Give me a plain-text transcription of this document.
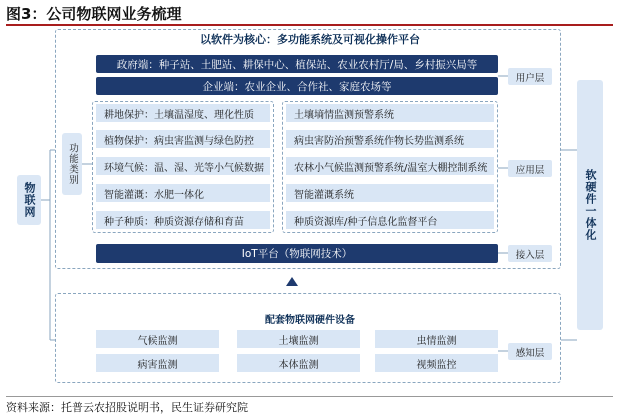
图3：公司物联网业务梳理
物联网	软硬件一体化
以软件为核心：多功能系统及可视化操作平台
政府端：种子站、土肥站、耕保中心、植保站、农业农村厅/局、乡村振兴局等
企业端：农业企业、合作社、家庭农场等
用户层
功能类别
耕地保护：土壤温湿度、理化性质
植物保护：病虫害监测与绿色防控
环境气候：温、湿、光等小气候数据
智能灌溉：水肥一体化
种子种质：种质资源存储和育苗
土壤墒情监测预警系统
病虫害防治预警系统作物长势监测系统
农林小气候监测预警系统/温室大棚控制系统
智能灌溉系统
种质资源库/种子信息化监督平台
应用层
IoT平台（物联网技术）	接入层
配套物联网硬件设备
气候监测	土壤监测	虫情监测
病害监测	本体监测	视频监控
感知层
资料来源：托普云农招股说明书，民生证券研究院
